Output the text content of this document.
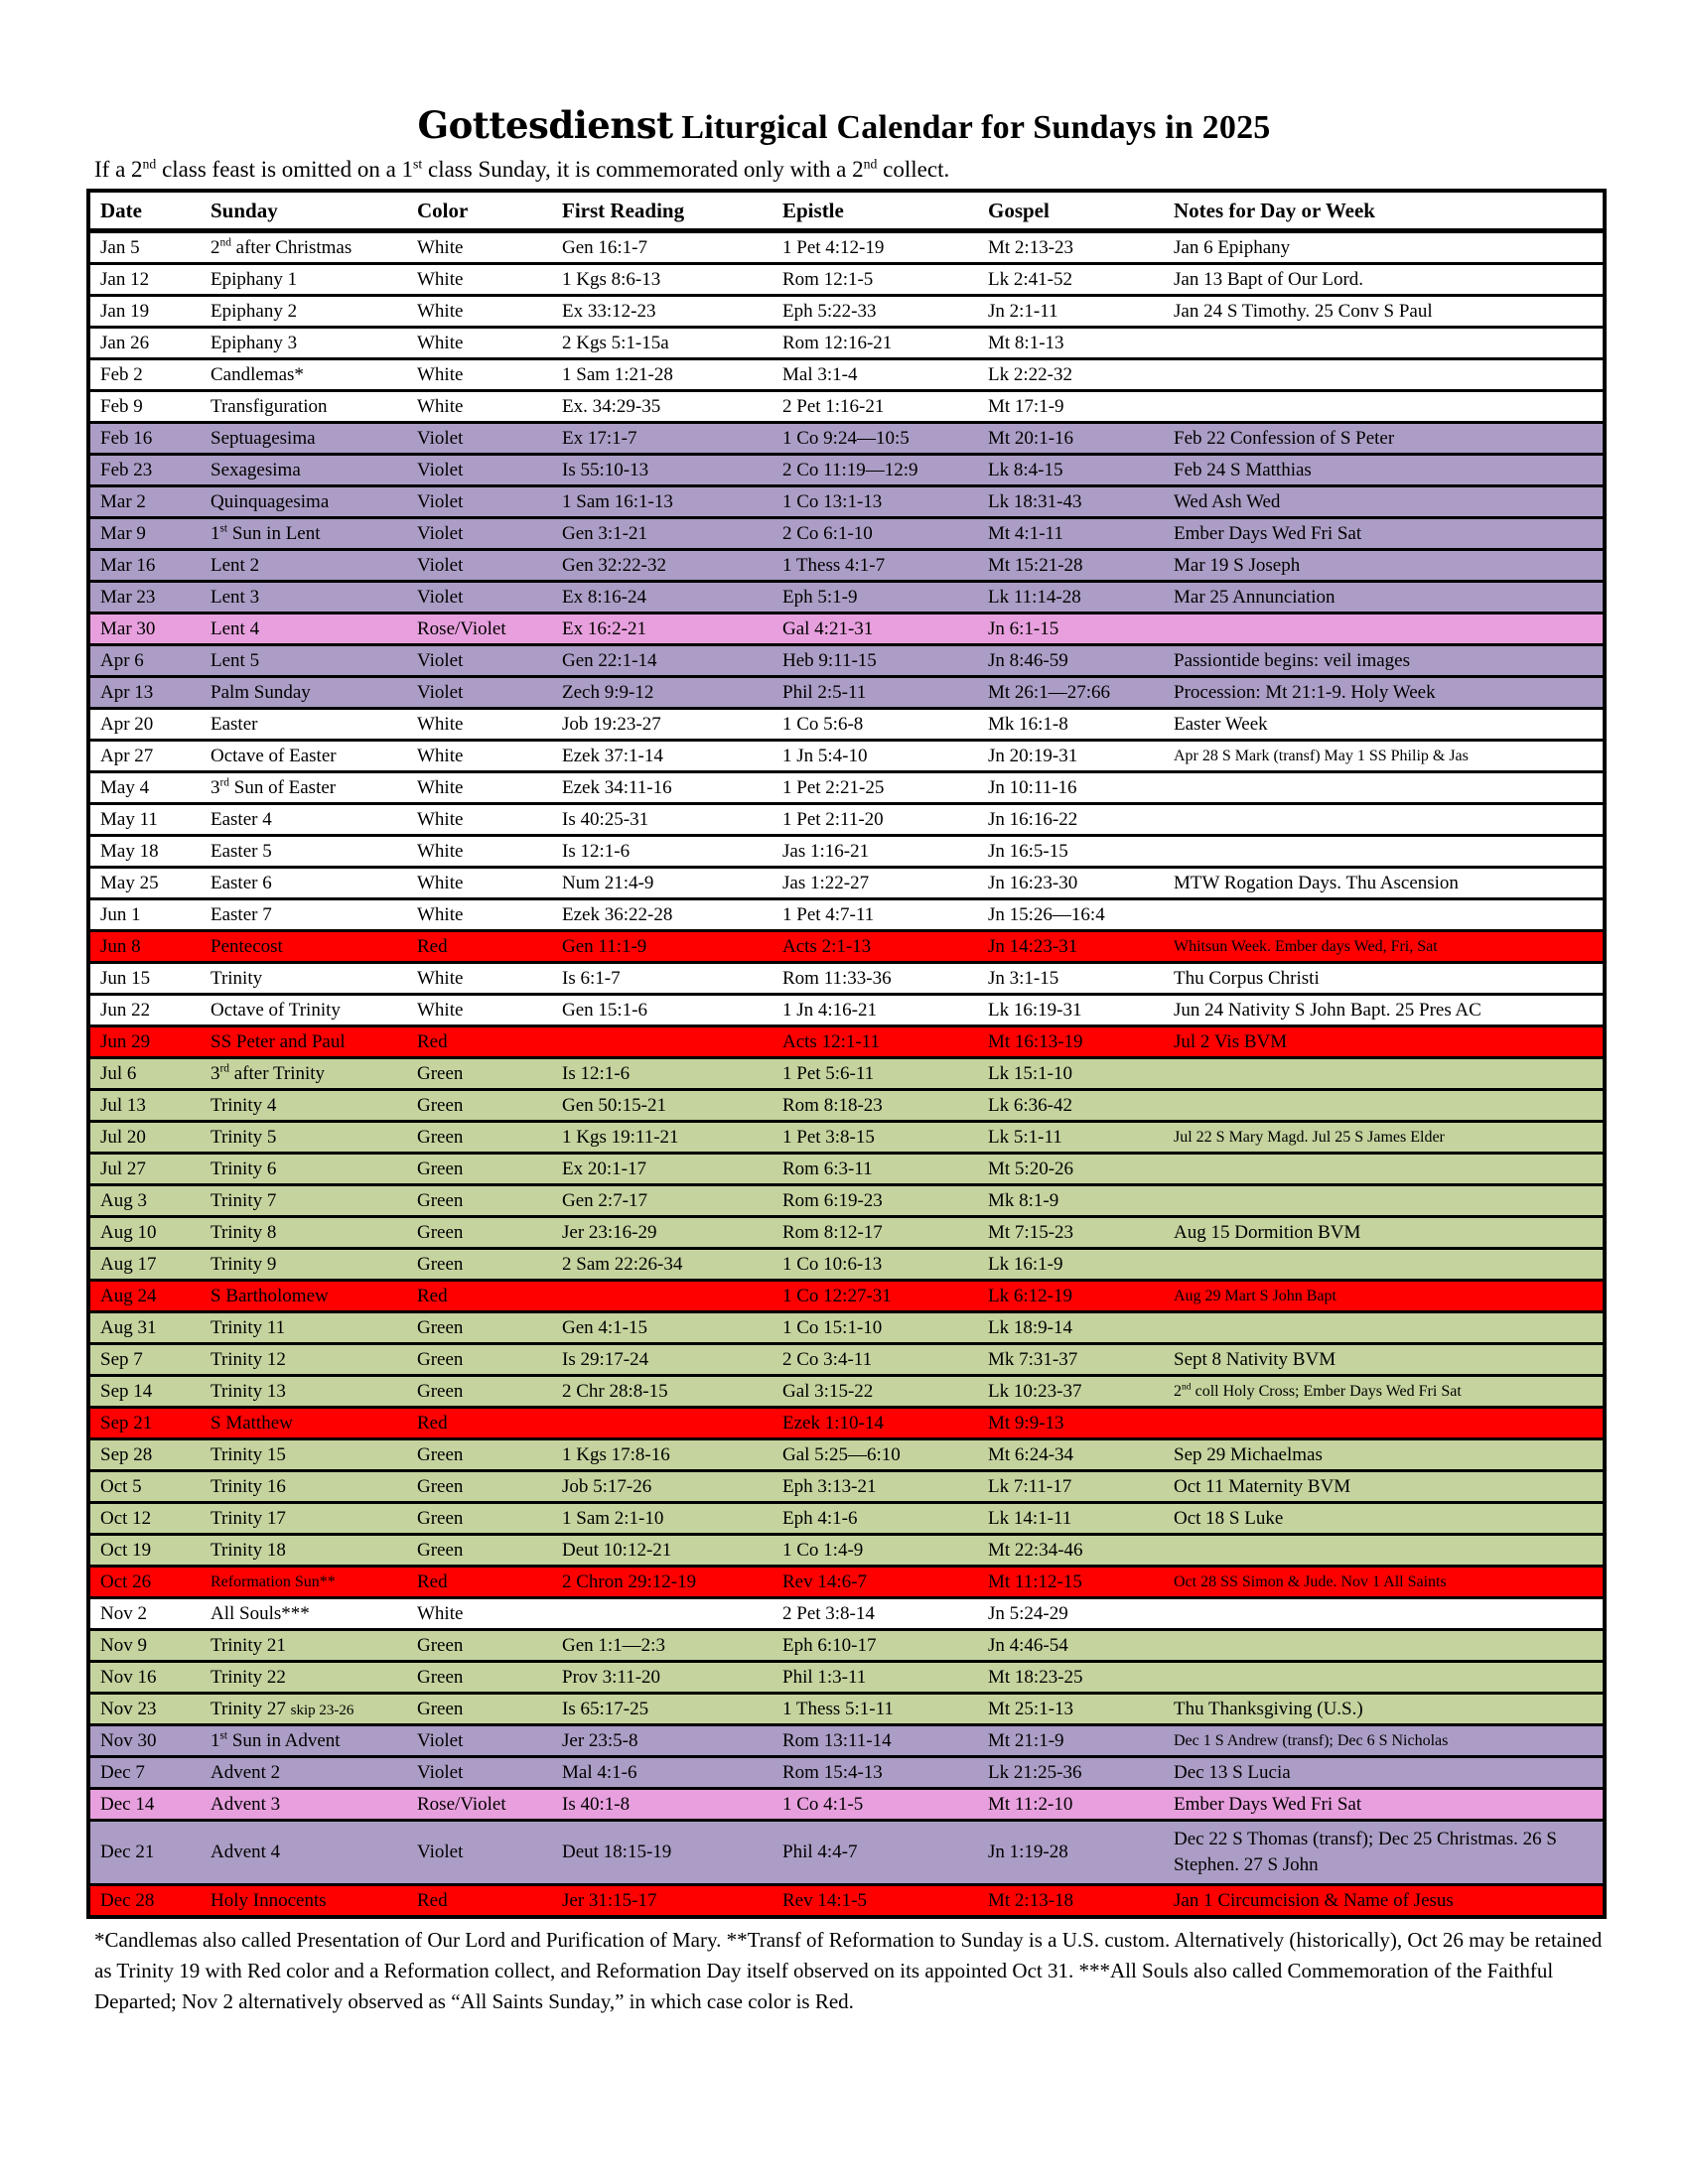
Gottesdienst Liturgical Calendar for Sundays in 2025

If a 2nd class feast is omitted on a 1st class Sunday, it is commemorated only with a 2nd collect.

Date	Sunday	Color	First Reading	Epistle	Gospel	Notes for Day or Week
Jan 5	2nd after Christmas	White	Gen 16:1-7	1 Pet 4:12-19	Mt 2:13-23	Jan 6 Epiphany
Jan 12	Epiphany 1	White	1 Kgs 8:6-13	Rom 12:1-5	Lk 2:41-52	Jan 13 Bapt of Our Lord.
Jan 19	Epiphany 2	White	Ex 33:12-23	Eph 5:22-33	Jn 2:1-11	Jan 24 S Timothy. 25 Conv S Paul
Jan 26	Epiphany 3	White	2 Kgs 5:1-15a	Rom 12:16-21	Mt 8:1-13	
Feb 2	Candlemas*	White	1 Sam 1:21-28	Mal 3:1-4	Lk 2:22-32	
Feb 9	Transfiguration	White	Ex. 34:29-35	2 Pet 1:16-21	Mt 17:1-9	
Feb 16	Septuagesima	Violet	Ex 17:1-7	1 Co 9:24—10:5	Mt 20:1-16	Feb 22 Confession of S Peter
Feb 23	Sexagesima	Violet	Is 55:10-13	2 Co 11:19—12:9	Lk 8:4-15	Feb 24 S Matthias
Mar 2	Quinquagesima	Violet	1 Sam 16:1-13	1 Co 13:1-13	Lk 18:31-43	Wed Ash Wed
Mar 9	1st Sun in Lent	Violet	Gen 3:1-21	2 Co 6:1-10	Mt 4:1-11	Ember Days Wed Fri Sat
Mar 16	Lent 2	Violet	Gen 32:22-32	1 Thess 4:1-7	Mt 15:21-28	Mar 19 S Joseph
Mar 23	Lent 3	Violet	Ex 8:16-24	Eph 5:1-9	Lk 11:14-28	Mar 25 Annunciation
Mar 30	Lent 4	Rose/Violet	Ex 16:2-21	Gal 4:21-31	Jn 6:1-15	
Apr 6	Lent 5	Violet	Gen 22:1-14	Heb 9:11-15	Jn 8:46-59	Passiontide begins: veil images
Apr 13	Palm Sunday	Violet	Zech 9:9-12	Phil 2:5-11	Mt 26:1—27:66	Procession: Mt 21:1-9. Holy Week
Apr 20	Easter	White	Job 19:23-27	1 Co 5:6-8	Mk 16:1-8	Easter Week
Apr 27	Octave of Easter	White	Ezek 37:1-14	1 Jn 5:4-10	Jn 20:19-31	Apr 28 S Mark (transf) May 1 SS Philip & Jas
May 4	3rd Sun of Easter	White	Ezek 34:11-16	1 Pet 2:21-25	Jn 10:11-16	
May 11	Easter 4	White	Is 40:25-31	1 Pet 2:11-20	Jn 16:16-22	
May 18	Easter 5	White	Is 12:1-6	Jas 1:16-21	Jn 16:5-15	
May 25	Easter 6	White	Num 21:4-9	Jas 1:22-27	Jn 16:23-30	MTW Rogation Days. Thu Ascension
Jun 1	Easter 7	White	Ezek 36:22-28	1 Pet 4:7-11	Jn 15:26—16:4	
Jun 8	Pentecost	Red	Gen 11:1-9	Acts 2:1-13	Jn 14:23-31	Whitsun Week. Ember days Wed, Fri, Sat
Jun 15	Trinity	White	Is 6:1-7	Rom 11:33-36	Jn 3:1-15	Thu Corpus Christi
Jun 22	Octave of Trinity	White	Gen 15:1-6	1 Jn 4:16-21	Lk 16:19-31	Jun 24 Nativity S John Bapt. 25 Pres AC
Jun 29	SS Peter and Paul	Red		Acts 12:1-11	Mt 16:13-19	Jul 2 Vis BVM
Jul 6	3rd after Trinity	Green	Is 12:1-6	1 Pet 5:6-11	Lk 15:1-10	
Jul 13	Trinity 4	Green	Gen 50:15-21	Rom 8:18-23	Lk 6:36-42	
Jul 20	Trinity 5	Green	1 Kgs 19:11-21	1 Pet 3:8-15	Lk 5:1-11	Jul 22 S Mary Magd. Jul 25 S James Elder
Jul 27	Trinity 6	Green	Ex 20:1-17	Rom 6:3-11	Mt 5:20-26	
Aug 3	Trinity 7	Green	Gen 2:7-17	Rom 6:19-23	Mk 8:1-9	
Aug 10	Trinity 8	Green	Jer 23:16-29	Rom 8:12-17	Mt 7:15-23	Aug 15 Dormition BVM
Aug 17	Trinity 9	Green	2 Sam 22:26-34	1 Co 10:6-13	Lk 16:1-9	
Aug 24	S Bartholomew	Red		1 Co 12:27-31	Lk 6:12-19	Aug 29 Mart S John Bapt
Aug 31	Trinity 11	Green	Gen 4:1-15	1 Co 15:1-10	Lk 18:9-14	
Sep 7	Trinity 12	Green	Is 29:17-24	2 Co 3:4-11	Mk 7:31-37	Sept 8 Nativity BVM
Sep 14	Trinity 13	Green	2 Chr 28:8-15	Gal 3:15-22	Lk 10:23-37	2nd coll Holy Cross; Ember Days Wed Fri Sat
Sep 21	S Matthew	Red		Ezek 1:10-14	Mt 9:9-13	
Sep 28	Trinity 15	Green	1 Kgs 17:8-16	Gal 5:25—6:10	Mt 6:24-34	Sep 29 Michaelmas
Oct 5	Trinity 16	Green	Job 5:17-26	Eph 3:13-21	Lk 7:11-17	Oct 11 Maternity BVM
Oct 12	Trinity 17	Green	1 Sam 2:1-10	Eph 4:1-6	Lk 14:1-11	Oct 18 S Luke
Oct 19	Trinity 18	Green	Deut 10:12-21	1 Co 1:4-9	Mt 22:34-46	
Oct 26	Reformation Sun**	Red	2 Chron 29:12-19	Rev 14:6-7	Mt 11:12-15	Oct 28 SS Simon & Jude. Nov 1 All Saints
Nov 2	All Souls***	White		2 Pet 3:8-14	Jn 5:24-29	
Nov 9	Trinity 21	Green	Gen 1:1—2:3	Eph 6:10-17	Jn 4:46-54	
Nov 16	Trinity 22	Green	Prov 3:11-20	Phil 1:3-11	Mt 18:23-25	
Nov 23	Trinity 27 skip 23-26	Green	Is 65:17-25	1 Thess 5:1-11	Mt 25:1-13	Thu Thanksgiving (U.S.)
Nov 30	1st Sun in Advent	Violet	Jer 23:5-8	Rom 13:11-14	Mt 21:1-9	Dec 1 S Andrew (transf); Dec 6 S Nicholas
Dec 7	Advent 2	Violet	Mal 4:1-6	Rom 15:4-13	Lk 21:25-36	Dec 13 S Lucia
Dec 14	Advent 3	Rose/Violet	Is 40:1-8	1 Co 4:1-5	Mt 11:2-10	Ember Days Wed Fri Sat
Dec 21	Advent 4	Violet	Deut 18:15-19	Phil 4:4-7	Jn 1:19-28	Dec 22 S Thomas (transf); Dec 25 Christmas. 26 S Stephen. 27 S John
Dec 28	Holy Innocents	Red	Jer 31:15-17	Rev 14:1-5	Mt 2:13-18	Jan 1 Circumcision & Name of Jesus

*Candlemas also called Presentation of Our Lord and Purification of Mary. **Transf of Reformation to Sunday is a U.S. custom. Alternatively (historically), Oct 26 may be retained as Trinity 19 with Red color and a Reformation collect, and Reformation Day itself observed on its appointed Oct 31. ***All Souls also called Commemoration of the Faithful Departed; Nov 2 alternatively observed as “All Saints Sunday,” in which case color is Red.
